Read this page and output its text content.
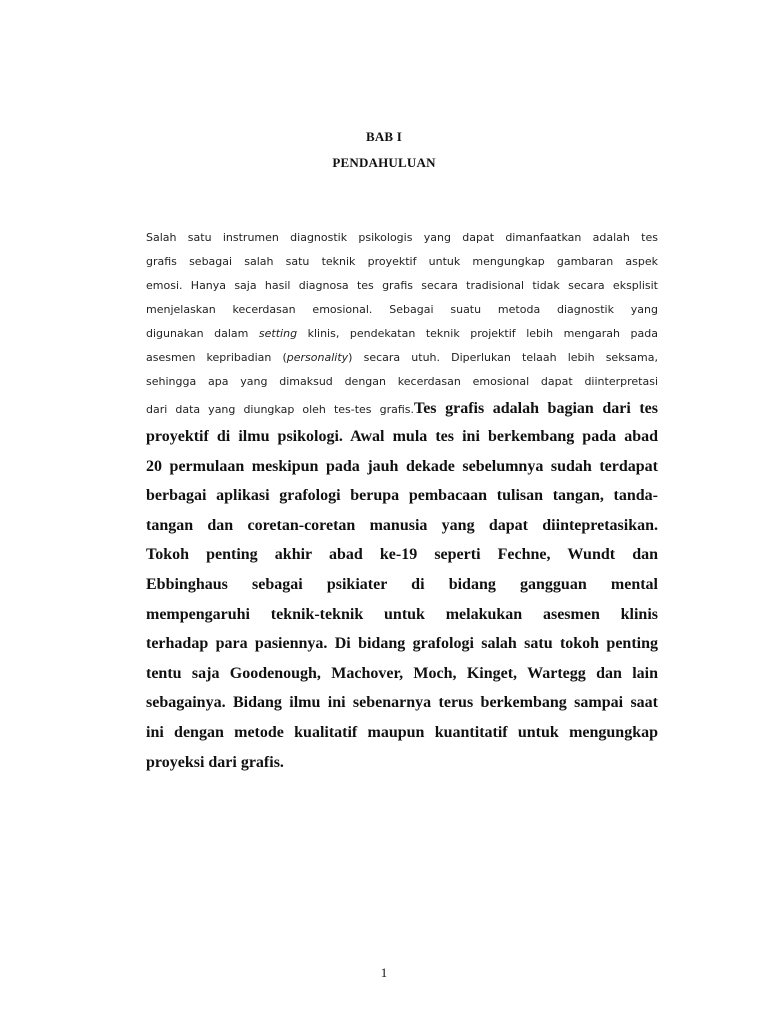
BAB I
PENDAHULUAN
Salah satu instrumen diagnostik psikologis yang dapat dimanfaatkan adalah tes
grafis sebagai salah satu teknik proyektif untuk mengungkap gambaran aspek
emosi. Hanya saja hasil diagnosa tes grafis secara tradisional tidak secara eksplisit
menjelaskan kecerdasan emosional. Sebagai suatu metoda diagnostik yang
digunakan dalam setting klinis, pendekatan teknik projektif lebih mengarah pada
asesmen kepribadian (personality) secara utuh. Diperlukan telaah lebih seksama,
sehingga apa yang dimaksud dengan kecerdasan emosional dapat diinterpretasi
dari data yang diungkap oleh tes-tes grafis.Tes grafis adalah bagian dari tes
proyektif di ilmu psikologi. Awal mula tes ini berkembang pada abad
20 permulaan meskipun pada jauh dekade sebelumnya sudah terdapat
berbagai aplikasi grafologi berupa pembacaan tulisan tangan, tanda-
tangan dan coretan-coretan manusia yang dapat diintepretasikan.
Tokoh penting akhir abad ke-19 seperti Fechne, Wundt dan
Ebbinghaus sebagai psikiater di bidang gangguan mental
mempengaruhi teknik-teknik untuk melakukan asesmen klinis
terhadap para pasiennya. Di bidang grafologi salah satu tokoh penting
tentu saja Goodenough, Machover, Moch, Kinget, Wartegg dan lain
sebagainya. Bidang ilmu ini sebenarnya terus berkembang sampai saat
ini dengan metode kualitatif maupun kuantitatif untuk mengungkap
proyeksi dari grafis.
1
